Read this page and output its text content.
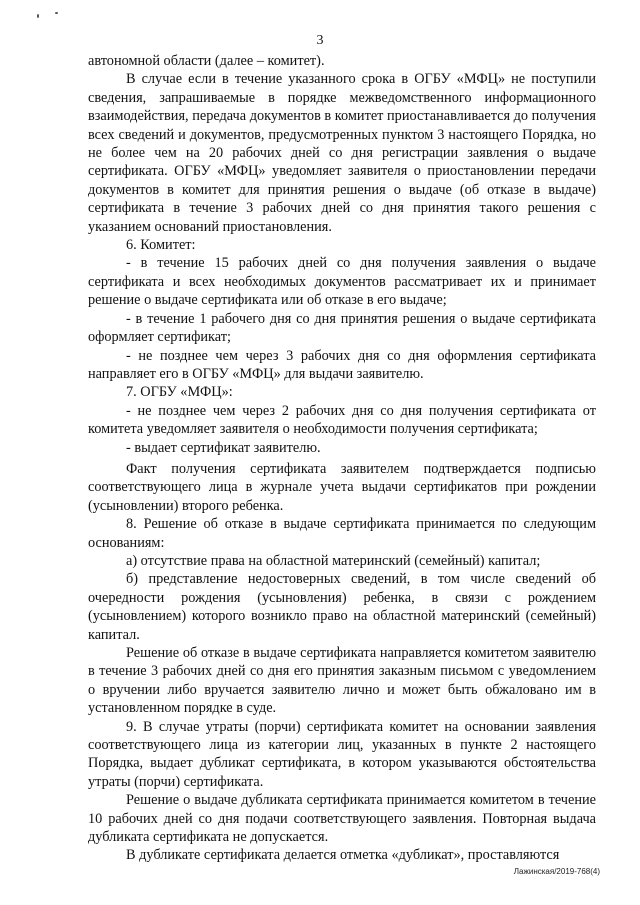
3

автономной области (далее – комитет).

В случае если в течение указанного срока в ОГБУ «МФЦ» не поступили сведения, запрашиваемые в порядке межведомственного информационного взаимодействия, передача документов в комитет приостанавливается до получения всех сведений и документов, предусмотренных пунктом 3 настоящего Порядка, но не более чем на 20 рабочих дней со дня регистрации заявления о выдаче сертификата. ОГБУ «МФЦ» уведомляет заявителя о приостановлении передачи документов в комитет для принятия решения о выдаче (об отказе в выдаче) сертификата в течение 3 рабочих дней со дня принятия такого решения с указанием оснований приостановления.

6. Комитет:

- в течение 15 рабочих дней со дня получения заявления о выдаче сертификата и всех необходимых документов рассматривает их и принимает решение о выдаче сертификата или об отказе в его выдаче;

- в течение 1 рабочего дня со дня принятия решения о выдаче сертификата оформляет сертификат;

- не позднее чем через 3 рабочих дня со дня оформления сертификата направляет его в ОГБУ «МФЦ» для выдачи заявителю.

7. ОГБУ «МФЦ»:

- не позднее чем через 2 рабочих дня со дня получения сертификата от комитета уведомляет заявителя о необходимости получения сертификата;

- выдает сертификат заявителю.

Факт получения сертификата заявителем подтверждается подписью соответствующего лица в журнале учета выдачи сертификатов при рождении (усыновлении) второго ребенка.

8. Решение об отказе в выдаче сертификата принимается по следующим основаниям:

а) отсутствие права на областной материнский (семейный) капитал;

б) представление недостоверных сведений, в том числе сведений об очередности рождения (усыновления) ребенка, в связи с рождением (усыновлением) которого возникло право на областной материнский (семейный) капитал.

Решение об отказе в выдаче сертификата направляется комитетом заявителю в течение 3 рабочих дней со дня его принятия заказным письмом с уведомлением о вручении либо вручается заявителю лично и может быть обжаловано им в установленном порядке в суде.

9. В случае утраты (порчи) сертификата комитет на основании заявления соответствующего лица из категории лиц, указанных в пункте 2 настоящего Порядка, выдает дубликат сертификата, в котором указываются обстоятельства утраты (порчи) сертификата.

Решение о выдаче дубликата сертификата принимается комитетом в течение 10 рабочих дней со дня подачи соответствующего заявления. Повторная выдача дубликата сертификата не допускается.

В дубликате сертификата делается отметка «дубликат», проставляются

Лажинская/2019-768(4)
